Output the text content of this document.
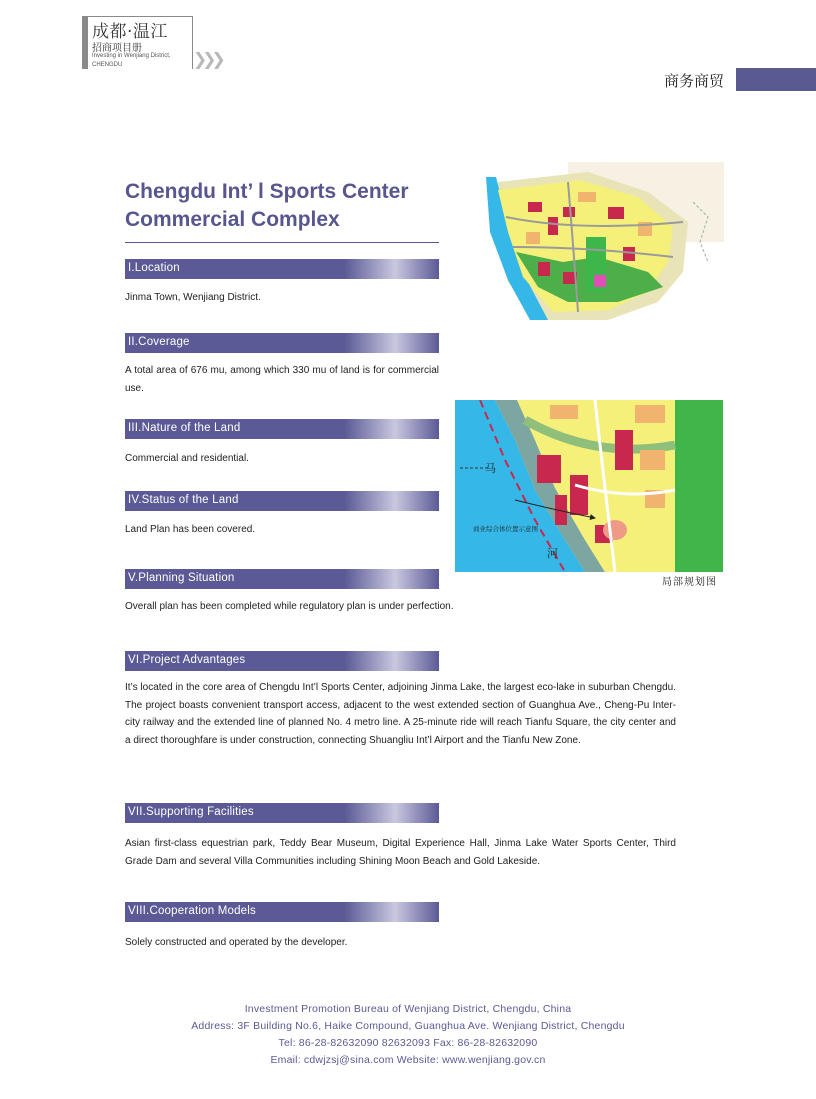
成都·温江
招商项目册
Investing in Wenjiang District,
CHENGDU	❯❯❯
商务商贸
Chengdu Int’ l Sports Center
Commercial Complex
I.Location
Jinma Town, Wenjiang District.
II.Coverage
A total area of 676 mu, among which 330 mu of land is for commercial use.
III.Nature of the Land
Commercial and residential.
IV.Status of the Land
Land Plan has been covered.
V.Planning Situation
Overall plan has been completed while regulatory plan is under perfection.
VI.Project Advantages
It’s located in the core area of Chengdu Int’l Sports Center, adjoining Jinma Lake, the largest eco-lake in suburban Chengdu. The project boasts convenient transport access, adjacent to the west extended section of Guanghua Ave., Cheng-Pu Inter-city railway and the extended line of planned No. 4 metro line. A 25-minute ride will reach Tianfu Square, the city center and a direct thoroughfare is under construction, connecting Shuangliu Int’l Airport and the Tianfu New Zone.
VII.Supporting Facilities
Asian first-class equestrian park, Teddy Bear Museum, Digital Experience Hall, Jinma Lake Water Sports Center, Third Grade Dam and several Villa Communities including Shining Moon Beach and Gold Lakeside.
VIII.Cooperation Models
Solely constructed and operated by the developer.
马
河
商业综合体位置示意图
局部规划图
Investment Promotion Bureau of Wenjiang District, Chengdu, China
Address: 3F Building No.6, Haike Compound, Guanghua Ave. Wenjiang District, Chengdu
Tel: 86-28-82632090 82632093 Fax: 86-28-82632090
Email: cdwjzsj@sina.com Website: www.wenjiang.gov.cn
